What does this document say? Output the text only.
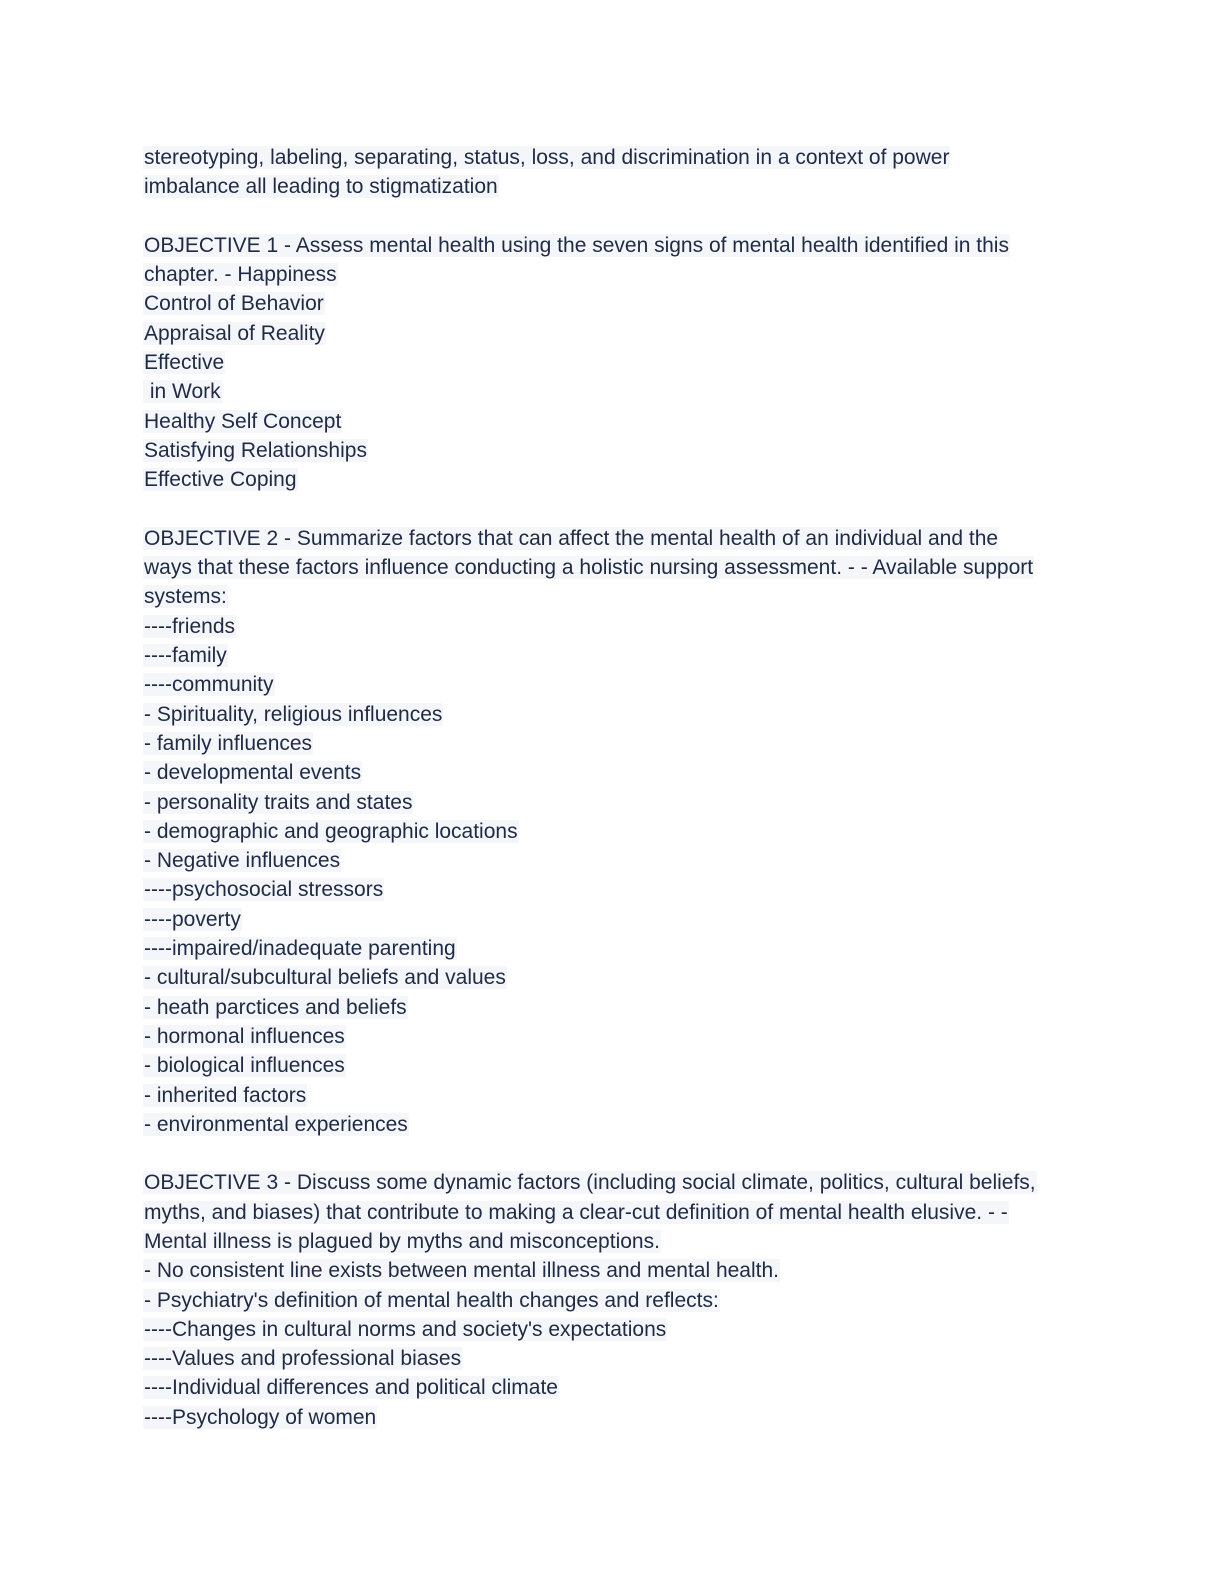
stereotyping, labeling, separating, status, loss, and discrimination in a context of power
imbalance all leading to stigmatization
OBJECTIVE 1 - Assess mental health using the seven signs of mental health identified in this
chapter. - Happiness
Control of Behavior
Appraisal of Reality
Effective
in Work
Healthy Self Concept
Satisfying Relationships
Effective Coping
OBJECTIVE 2 - Summarize factors that can affect the mental health of an individual and the
ways that these factors influence conducting a holistic nursing assessment. - - Available support
systems:
----friends
----family
----community
- Spirituality, religious influences
- family influences
- developmental events
- personality traits and states
- demographic and geographic locations
- Negative influences
----psychosocial stressors
----poverty
----impaired/inadequate parenting
- cultural/subcultural beliefs and values
- heath parctices and beliefs
- hormonal influences
- biological influences
- inherited factors
- environmental experiences
OBJECTIVE 3 - Discuss some dynamic factors (including social climate, politics, cultural beliefs,
myths, and biases) that contribute to making a clear-cut definition of mental health elusive. - -
Mental illness is plagued by myths and misconceptions.
- No consistent line exists between mental illness and mental health.
- Psychiatry's definition of mental health changes and reflects:
----Changes in cultural norms and society's expectations
----Values and professional biases
----Individual differences and political climate
----Psychology of women
